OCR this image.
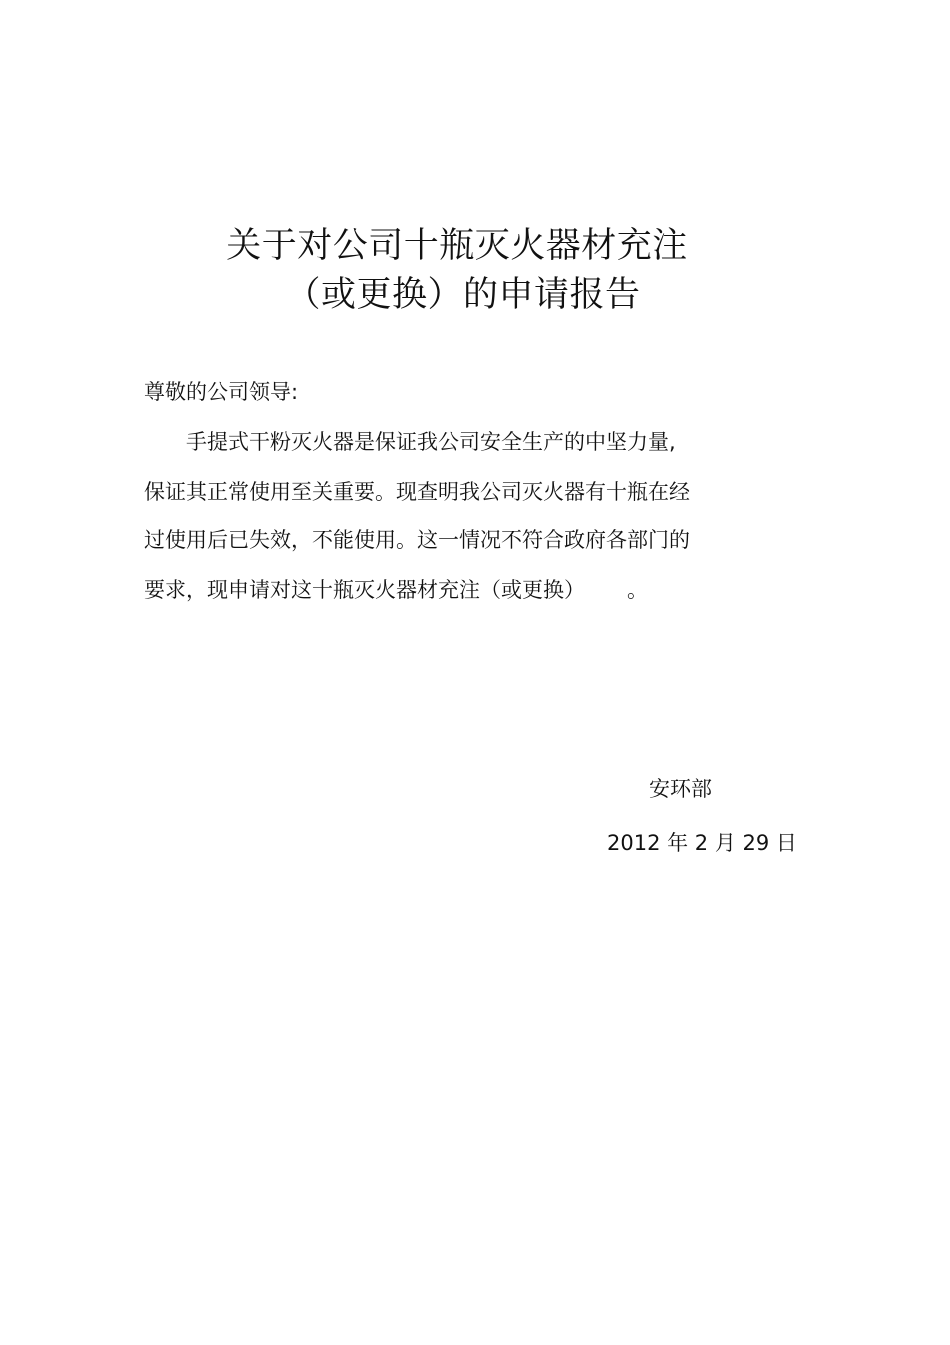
关于对公司十瓶灭火器材充注
（或更换）的申请报告
尊敬的公司领导:
手提式干粉灭火器是保证我公司安全生产的中坚力量,
保证其正常使用至关重要。现查明我公司灭火器有十瓶在经
过使用后已失效，不能使用。这一情况不符合政府各部门的
要求，现申请对这十瓶灭火器材充注（或更换） 。
安环部
2012 年 2 月 29 日
